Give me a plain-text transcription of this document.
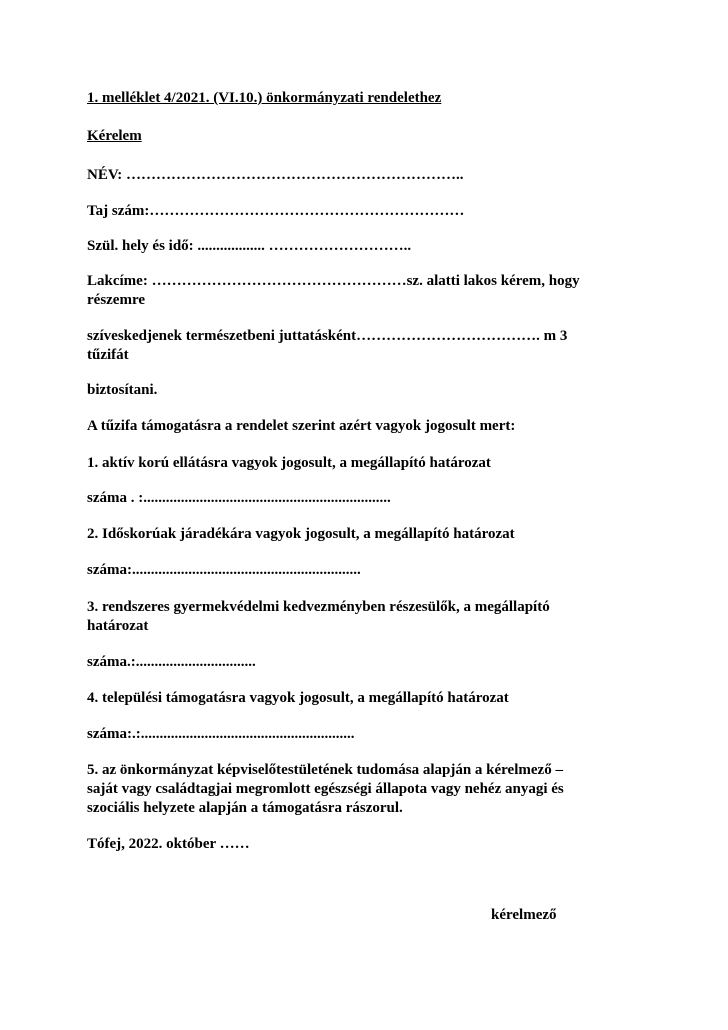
1. melléklet 4/2021. (VI.10.) önkormányzati rendelethez
Kérelem
NÉV: …………………………………………………………..
Taj szám:………………………………………………………
Szül. hely és idő: .................. ………………………..
Lakcíme: ……………………………………………sz. alatti lakos kérem, hogy
részemre
szíveskedjenek természetbeni juttatásként………………………………. m 3
tűzifát
biztosítani.
A tűzifa támogatásra a rendelet szerint azért vagyok jogosult mert:
1. aktív korú ellátásra vagyok jogosult, a megállapító határozat
száma . :..................................................................
2. Időskorúak járadékára vagyok jogosult, a megállapító határozat
száma:.............................................................
3. rendszeres gyermekvédelmi kedvezményben részesülők, a megállapító
határozat
száma.:................................
4. települési támogatásra vagyok jogosult, a megállapító határozat
száma:.:.........................................................
5. az önkormányzat képviselőtestületének tudomása alapján a kérelmező –
saját vagy családtagjai megromlott egészségi állapota vagy nehéz anyagi és
szociális helyzete alapján a támogatásra rászorul.
Tófej, 2022. október ……
kérelmező
